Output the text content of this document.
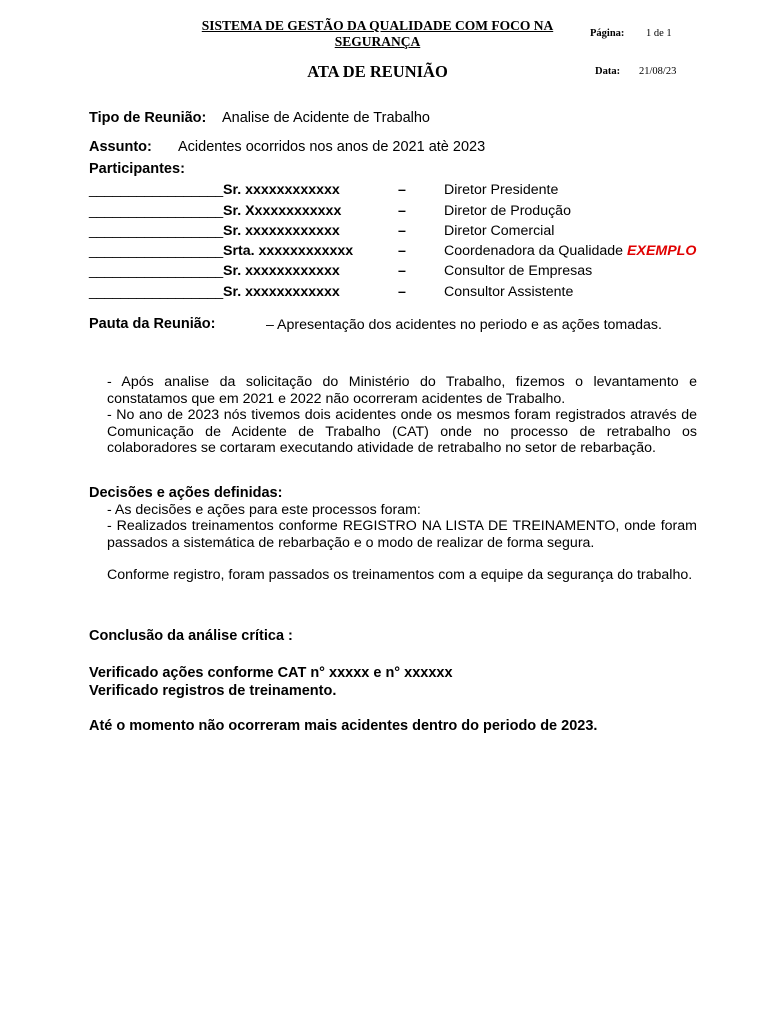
SISTEMA DE GESTÃO DA QUALIDADE COM FOCO NA SEGURANÇA
ATA DE REUNIÃO
Página: 1 de 1
Data: 21/08/23
Tipo de Reunião: Analise de Acidente de Trabalho
Assunto: Acidentes ocorridos nos anos de 2021 atè 2023
Participantes:
_________________ Sr. xxxxxxxxxxxx	–	Diretor Presidente
_________________ Sr. Xxxxxxxxxxxx	–	Diretor de Produção
_________________ Sr. xxxxxxxxxxxx	–	Diretor Comercial
_________________ Srta. xxxxxxxxxxxx	–	Coordenadora da Qualidade EXEMPLO
_________________ Sr. xxxxxxxxxxxx	–	Consultor de Empresas
_________________ Sr. xxxxxxxxxxxx	–	Consultor Assistente
Pauta da Reunião:	– Apresentação dos acidentes no periodo e as ações tomadas.
- Após analise da solicitação do Ministério do Trabalho, fizemos o levantamento e constatamos que em 2021 e 2022 não ocorreram acidentes de Trabalho.
- No ano de 2023 nós tivemos dois acidentes onde os mesmos foram registrados através de Comunicação de Acidente de Trabalho (CAT) onde no processo de retrabalho os colaboradores se cortaram executando atividade de retrabalho no setor de rebarbação.
Decisões e ações definidas:
- As decisões e ações para este processos foram:
- Realizados treinamentos conforme REGISTRO NA LISTA DE TREINAMENTO, onde foram passados a sistemática de rebarbação e o modo de realizar de forma segura.
Conforme registro, foram passados os treinamentos com a equipe da segurança do trabalho.
Conclusão da análise crítica :
Verificado ações conforme CAT n° xxxxx e n° xxxxxx
Verificado registros de treinamento.
Até o momento não ocorreram mais acidentes dentro do periodo de 2023.
